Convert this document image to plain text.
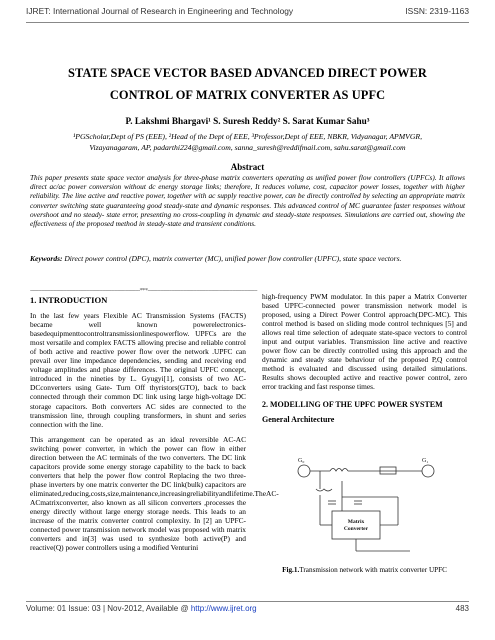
IJRET: International Journal of Research in Engineering and Technology	ISSN: 2319-1163
STATE SPACE VECTOR BASED ADVANCED DIRECT POWER
CONTROL OF MATRIX CONVERTER AS UPFC
P. Lakshmi Bhargavi¹ S. Suresh Reddy² S. Sarat Kumar Sahu³
¹PGScholar,Dept of PS (EEE), ²Head of the Dept of EEE, ³Professor,Dept of EEE, NBKR, Vidyanagar, APMVGR,
Vizayanagaram, AP, padarthi224@gmail.com, sanna_suresh@reddifmail.com, sahu.sarat@gmail.com
Abstract
This paper presents state space vector analysis for three-phase matrix converters operating as unified power flow controllers (UPFCs). It allows direct ac/ac power conversion without dc energy storage links; therefore, It reduces volume, cost, capacitor power losses, together with higher reliability. The line active and reactive power, together with ac supply reactive power, can be directly controlled by selecting an appropriate matrix converter switching state guaranteeing good steady-state and dynamic responses. This advanced control of MC guarantee faster responses without overshoot and no steady- state error, presenting no cross-coupling in dynamic and steady-state responses. Simulations are carried out, showing the effectiveness of the proposed method in steady-state and transient conditions.
Keywords: Direct power control (DPC), matrix converter (MC), unified power flow controller (UPFC), state space vectors.
----------------------------------------------------------------------***----------------------------------------------------------------------
1. INTRODUCTION

In the last few years Flexible AC Transmission Systems (FACTS) became well known powerelectronics-basedequipmenttocontroltransmissionlinespowerflow. UPFCs are the most versatile and complex FACTS allowing precise and reliable control of both active and reactive power flow over the network .UPFC can prevail over line impedance dependencies, sending and receiving end voltage amplitudes and phase differences. The original UPFC concept, introduced in the nineties by L. Gyugyi[1], consists of two AC-DCconverters using Gate- Turn Off thyristors(GTO), back to back connected through their common DC link using large high-voltage DC storage capacitors. Both converters AC sides are connected to the transmission line, through coupling transformers, in shunt and series connection with the line.

This arrangement can be operated as an ideal reversible AC-AC switching power converter, in which the power can flow in either direction between the AC terminals of the two converters. The DC link capacitors provide some energy storage capability to the back to back converters that help the power flow control Replacing the two three-phase inverters by one matrix converter the DC link(bulk) capacitors are eliminated,reducing,costs,size,maintenance,increasingreliabilityandlifetime.TheAC-ACmatrixconverter, also known as all silicon converters ,processes the energy directly without large energy storage needs. This leads to an increase of the matrix converter control complexity. In [2] an UPFC-connected power transmission network model was proposed with matrix converters and in[3] was used to synthesize both active(P) and reactive(Q) power controllers using a modified Venturini

high-frequency PWM modulator. In this paper a Matrix Converter based UPFC-connected power transmission network model is proposed, using a Direct Power Control approach(DPC-MC). This control method is based on sliding mode control techniques [5] and allows real time selection of adequate state-space vectors to control input and output variables. Transmission line active and reactive power flow can be directly controlled using this approach and the dynamic and steady state behaviour of the proposed P,Q control method is evaluated and discussed using detailed simulations. Results shows decoupled active and reactive power control, zero error tracking and fast response times.

2. MODELLING OF THE UPFC POWER SYSTEM
General Architecture
G₀	G₁
Matrix
Converter
Fig.1.Transmission network with matrix converter UPFC
Volume: 01 Issue: 03 | Nov-2012, Available @ http://www.ijret.org	483
